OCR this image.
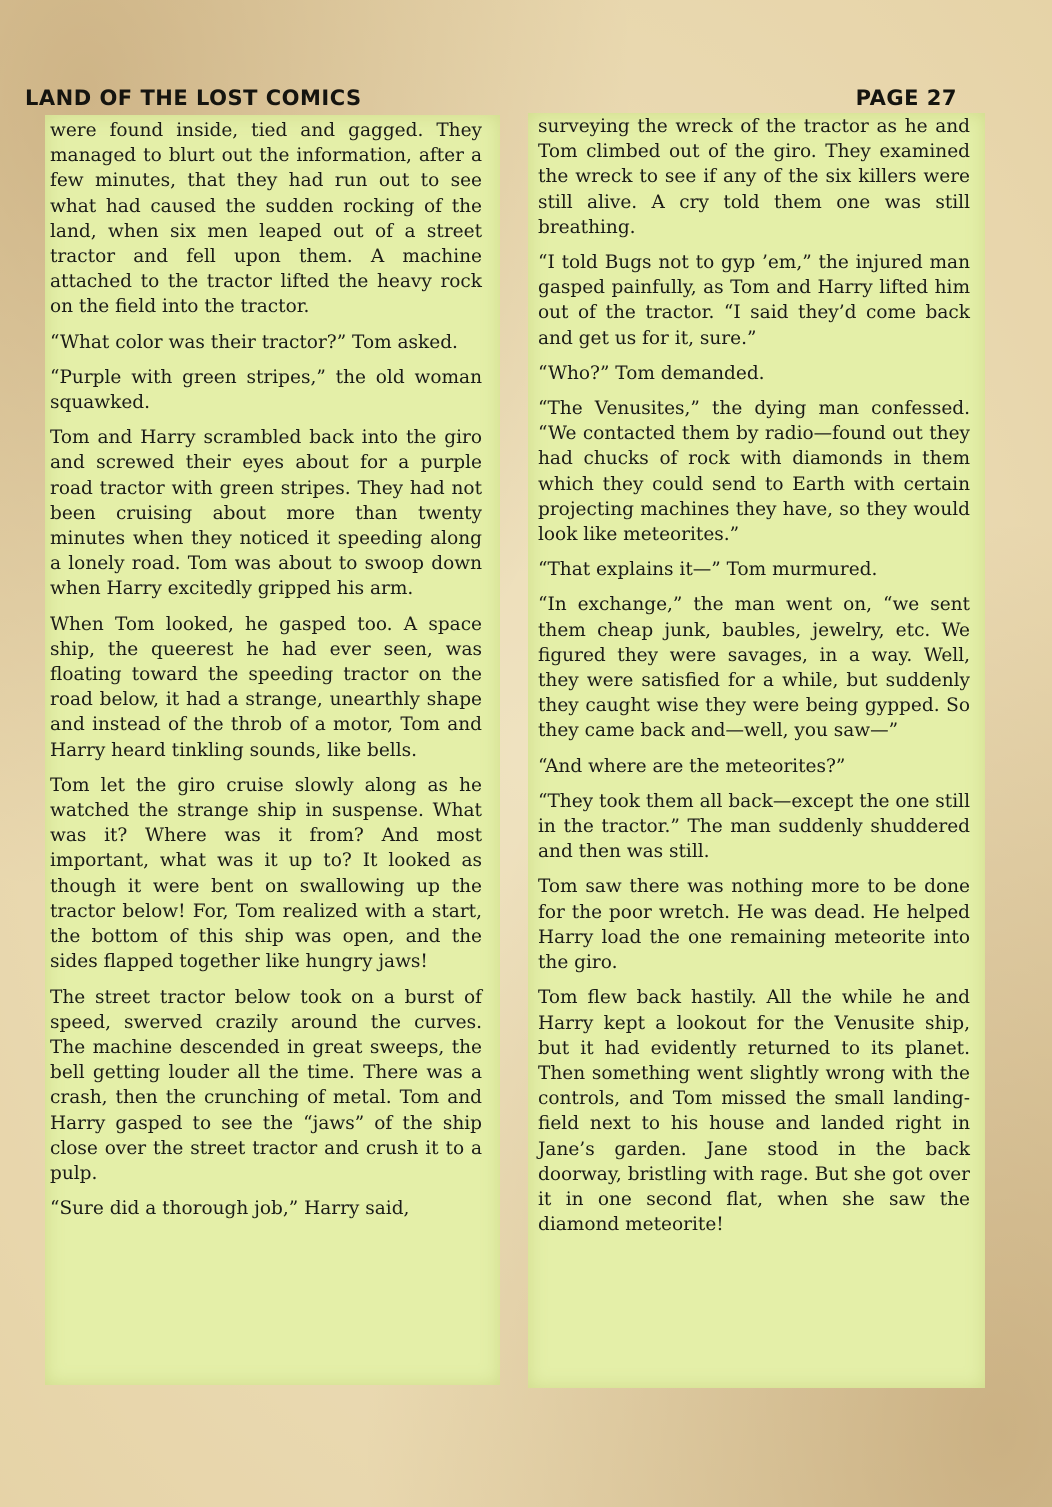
LAND OF THE LOST COMICS	PAGE 27

were found inside, tied and gagged. They managed to blurt out the information, after a few minutes, that they had run out to see what had caused the sudden rocking of the land, when six men leaped out of a street tractor and fell upon them. A machine attached to the tractor lifted the heavy rock on the field into the tractor.

“What color was their tractor?” Tom asked.

“Purple with green stripes,” the old woman squawked.

Tom and Harry scrambled back into the giro and screwed their eyes about for a purple road tractor with green stripes. They had not been cruising about more than twenty minutes when they noticed it speeding along a lonely road. Tom was about to swoop down when Harry excitedly gripped his arm.

When Tom looked, he gasped too. A space ship, the queerest he had ever seen, was floating toward the speeding tractor on the road below, it had a strange, unearthly shape and instead of the throb of a motor, Tom and Harry heard tinkling sounds, like bells.

Tom let the giro cruise slowly along as he watched the strange ship in suspense. What was it? Where was it from? And most important, what was it up to? It looked as though it were bent on swallowing up the tractor below! For, Tom realized with a start, the bottom of this ship was open, and the sides flapped together like hungry jaws!

The street tractor below took on a burst of speed, swerved crazily around the curves. The machine descended in great sweeps, the bell getting louder all the time. There was a crash, then the crunching of metal. Tom and Harry gasped to see the “jaws” of the ship close over the street tractor and crush it to a pulp.

“Sure did a thorough job,” Harry said,

surveying the wreck of the tractor as he and Tom climbed out of the giro. They examined the wreck to see if any of the six killers were still alive. A cry told them one was still breathing.

“I told Bugs not to gyp ’em,” the injured man gasped painfully, as Tom and Harry lifted him out of the tractor. “I said they’d come back and get us for it, sure.”

“Who?” Tom demanded.

“The Venusites,” the dying man confessed. “We contacted them by radio—found out they had chucks of rock with diamonds in them which they could send to Earth with certain projecting machines they have, so they would look like meteorites.”

“That explains it—” Tom murmured.

“In exchange,” the man went on, “we sent them cheap junk, baubles, jewelry, etc. We figured they were savages, in a way. Well, they were satisfied for a while, but suddenly they caught wise they were being gypped. So they came back and—well, you saw—”

“And where are the meteorites?”

“They took them all back—except the one still in the tractor.” The man suddenly shuddered and then was still.

Tom saw there was nothing more to be done for the poor wretch. He was dead. He helped Harry load the one remaining meteorite into the giro.

Tom flew back hastily. All the while he and Harry kept a lookout for the Venusite ship, but it had evidently returned to its planet. Then something went slightly wrong with the controls, and Tom missed the small landing-field next to his house and landed right in Jane’s garden. Jane stood in the back doorway, bristling with rage. But she got over it in one second flat, when she saw the diamond meteorite!
